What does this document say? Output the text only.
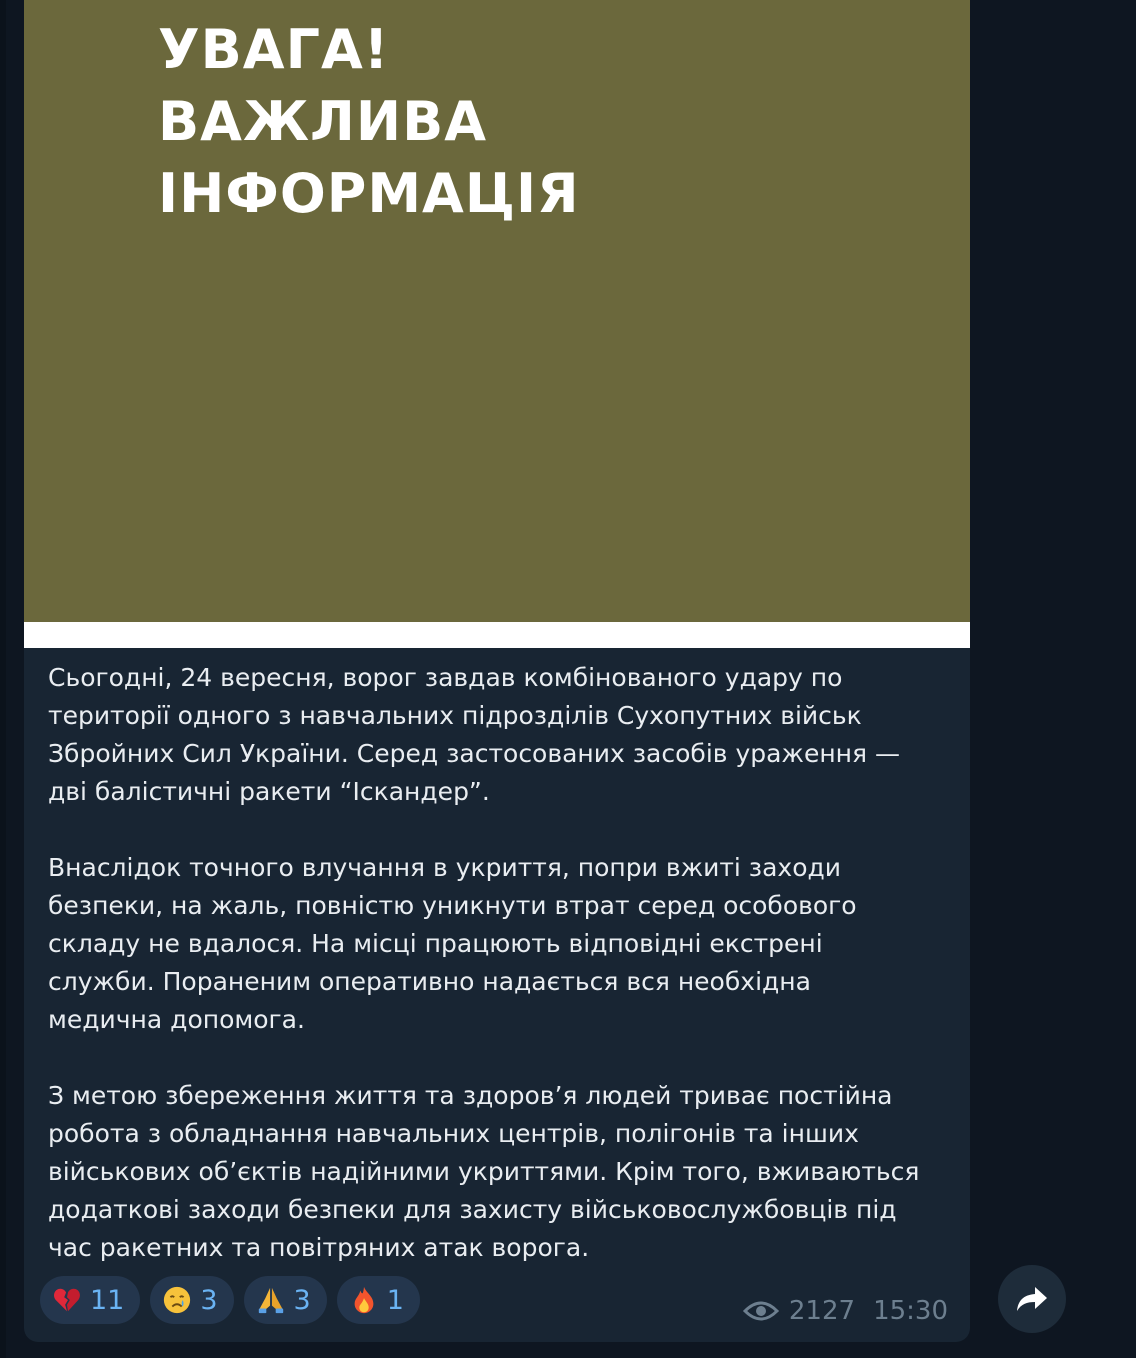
УВАГА!
ВАЖЛИВА
ІНФОРМАЦІЯ

Сьогодні, 24 вересня, ворог завдав комбінованого удару по
території одного з навчальних підрозділів Сухопутних військ
Збройних Сил України. Серед застосованих засобів ураження —
дві балістичні ракети “Іскандер”.

Внаслідок точного влучання в укриття, попри вжиті заходи
безпеки, на жаль, повністю уникнути втрат серед особового
складу не вдалося. На місці працюють відповідні екстрені
служби. Пораненим оперативно надається вся необхідна
медична допомога.

З метою збереження життя та здоров’я людей триває постійна
робота з обладнання навчальних центрів, полігонів та інших
військових об’єктів надійними укриттями. Крім того, вживаються
додаткові заходи безпеки для захисту військовослужбовців під
час ракетних та повітряних атак ворога.

11	3	3	1	2127 15:30
